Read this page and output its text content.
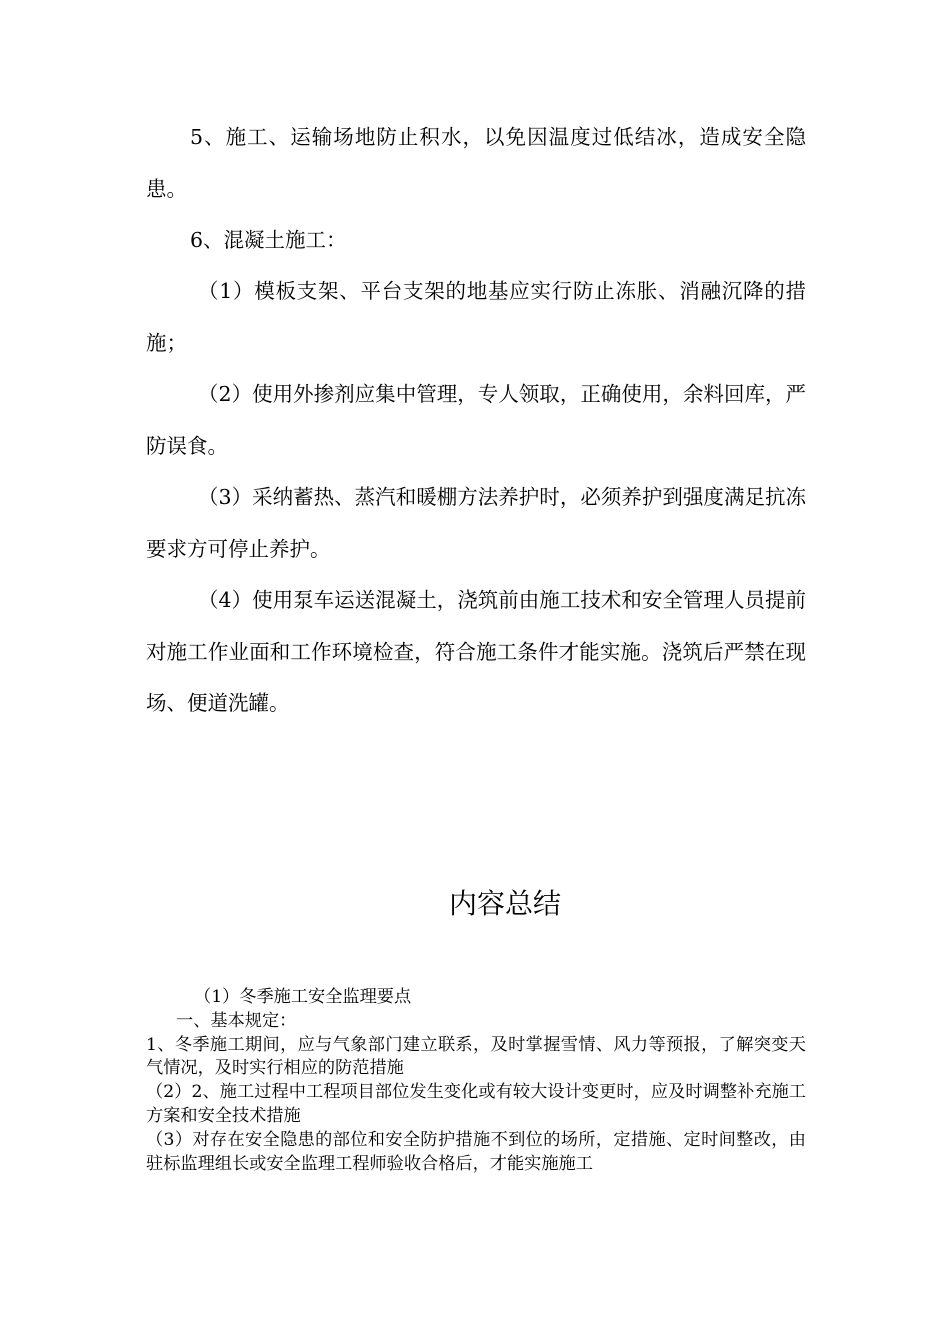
5、施工、运输场地防止积水，以免因温度过低结冰，造成安全隐患。

6、混凝土施工：

（1）模板支架、平台支架的地基应实行防止冻胀、消融沉降的措施；

（2）使用外掺剂应集中管理，专人领取，正确使用，余料回库，严防误食。

（3）采纳蓄热、蒸汽和暖棚方法养护时，必须养护到强度满足抗冻要求方可停止养护。

（4）使用泵车运送混凝土，浇筑前由施工技术和安全管理人员提前对施工作业面和工作环境检查，符合施工条件才能实施。浇筑后严禁在现场、便道洗罐。

内容总结

（1）冬季施工安全监理要点

一、基本规定：

1、冬季施工期间，应与气象部门建立联系，及时掌握雪情、风力等预报，了解突变天气情况，及时实行相应的防范措施

（2）2、施工过程中工程项目部位发生变化或有较大设计变更时，应及时调整补充施工方案和安全技术措施

（3）对存在安全隐患的部位和安全防护措施不到位的场所，定措施、定时间整改，由驻标监理组长或安全监理工程师验收合格后，才能实施施工
